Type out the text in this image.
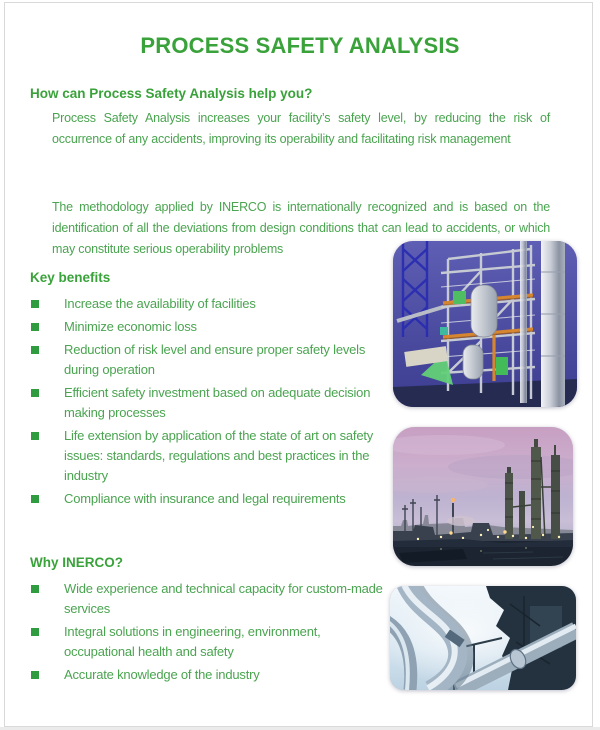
PROCESS SAFETY ANALYSIS
How can Process Safety Analysis help you?
Process Safety Analysis increases your facility’s safety level, by reducing the risk of occurrence of any accidents, improving its operability and facilitating risk management
The methodology applied by INERCO is internationally recognized and is based on the identification of all the deviations from design conditions that can lead to accidents, or which may constitute serious operability problems
Key benefits
Increase the availability of facilities
Minimize economic loss
Reduction of risk level and ensure proper safety levels during operation
Efficient safety investment based on adequate decision making processes
Life extension by application of the state of art on safety issues: standards, regulations and best practices in the industry
Compliance with insurance and legal requirements
Why INERCO?
Wide experience and technical capacity for custom-made services
Integral solutions in engineering, environment, occupational health and safety
Accurate knowledge of the industry
